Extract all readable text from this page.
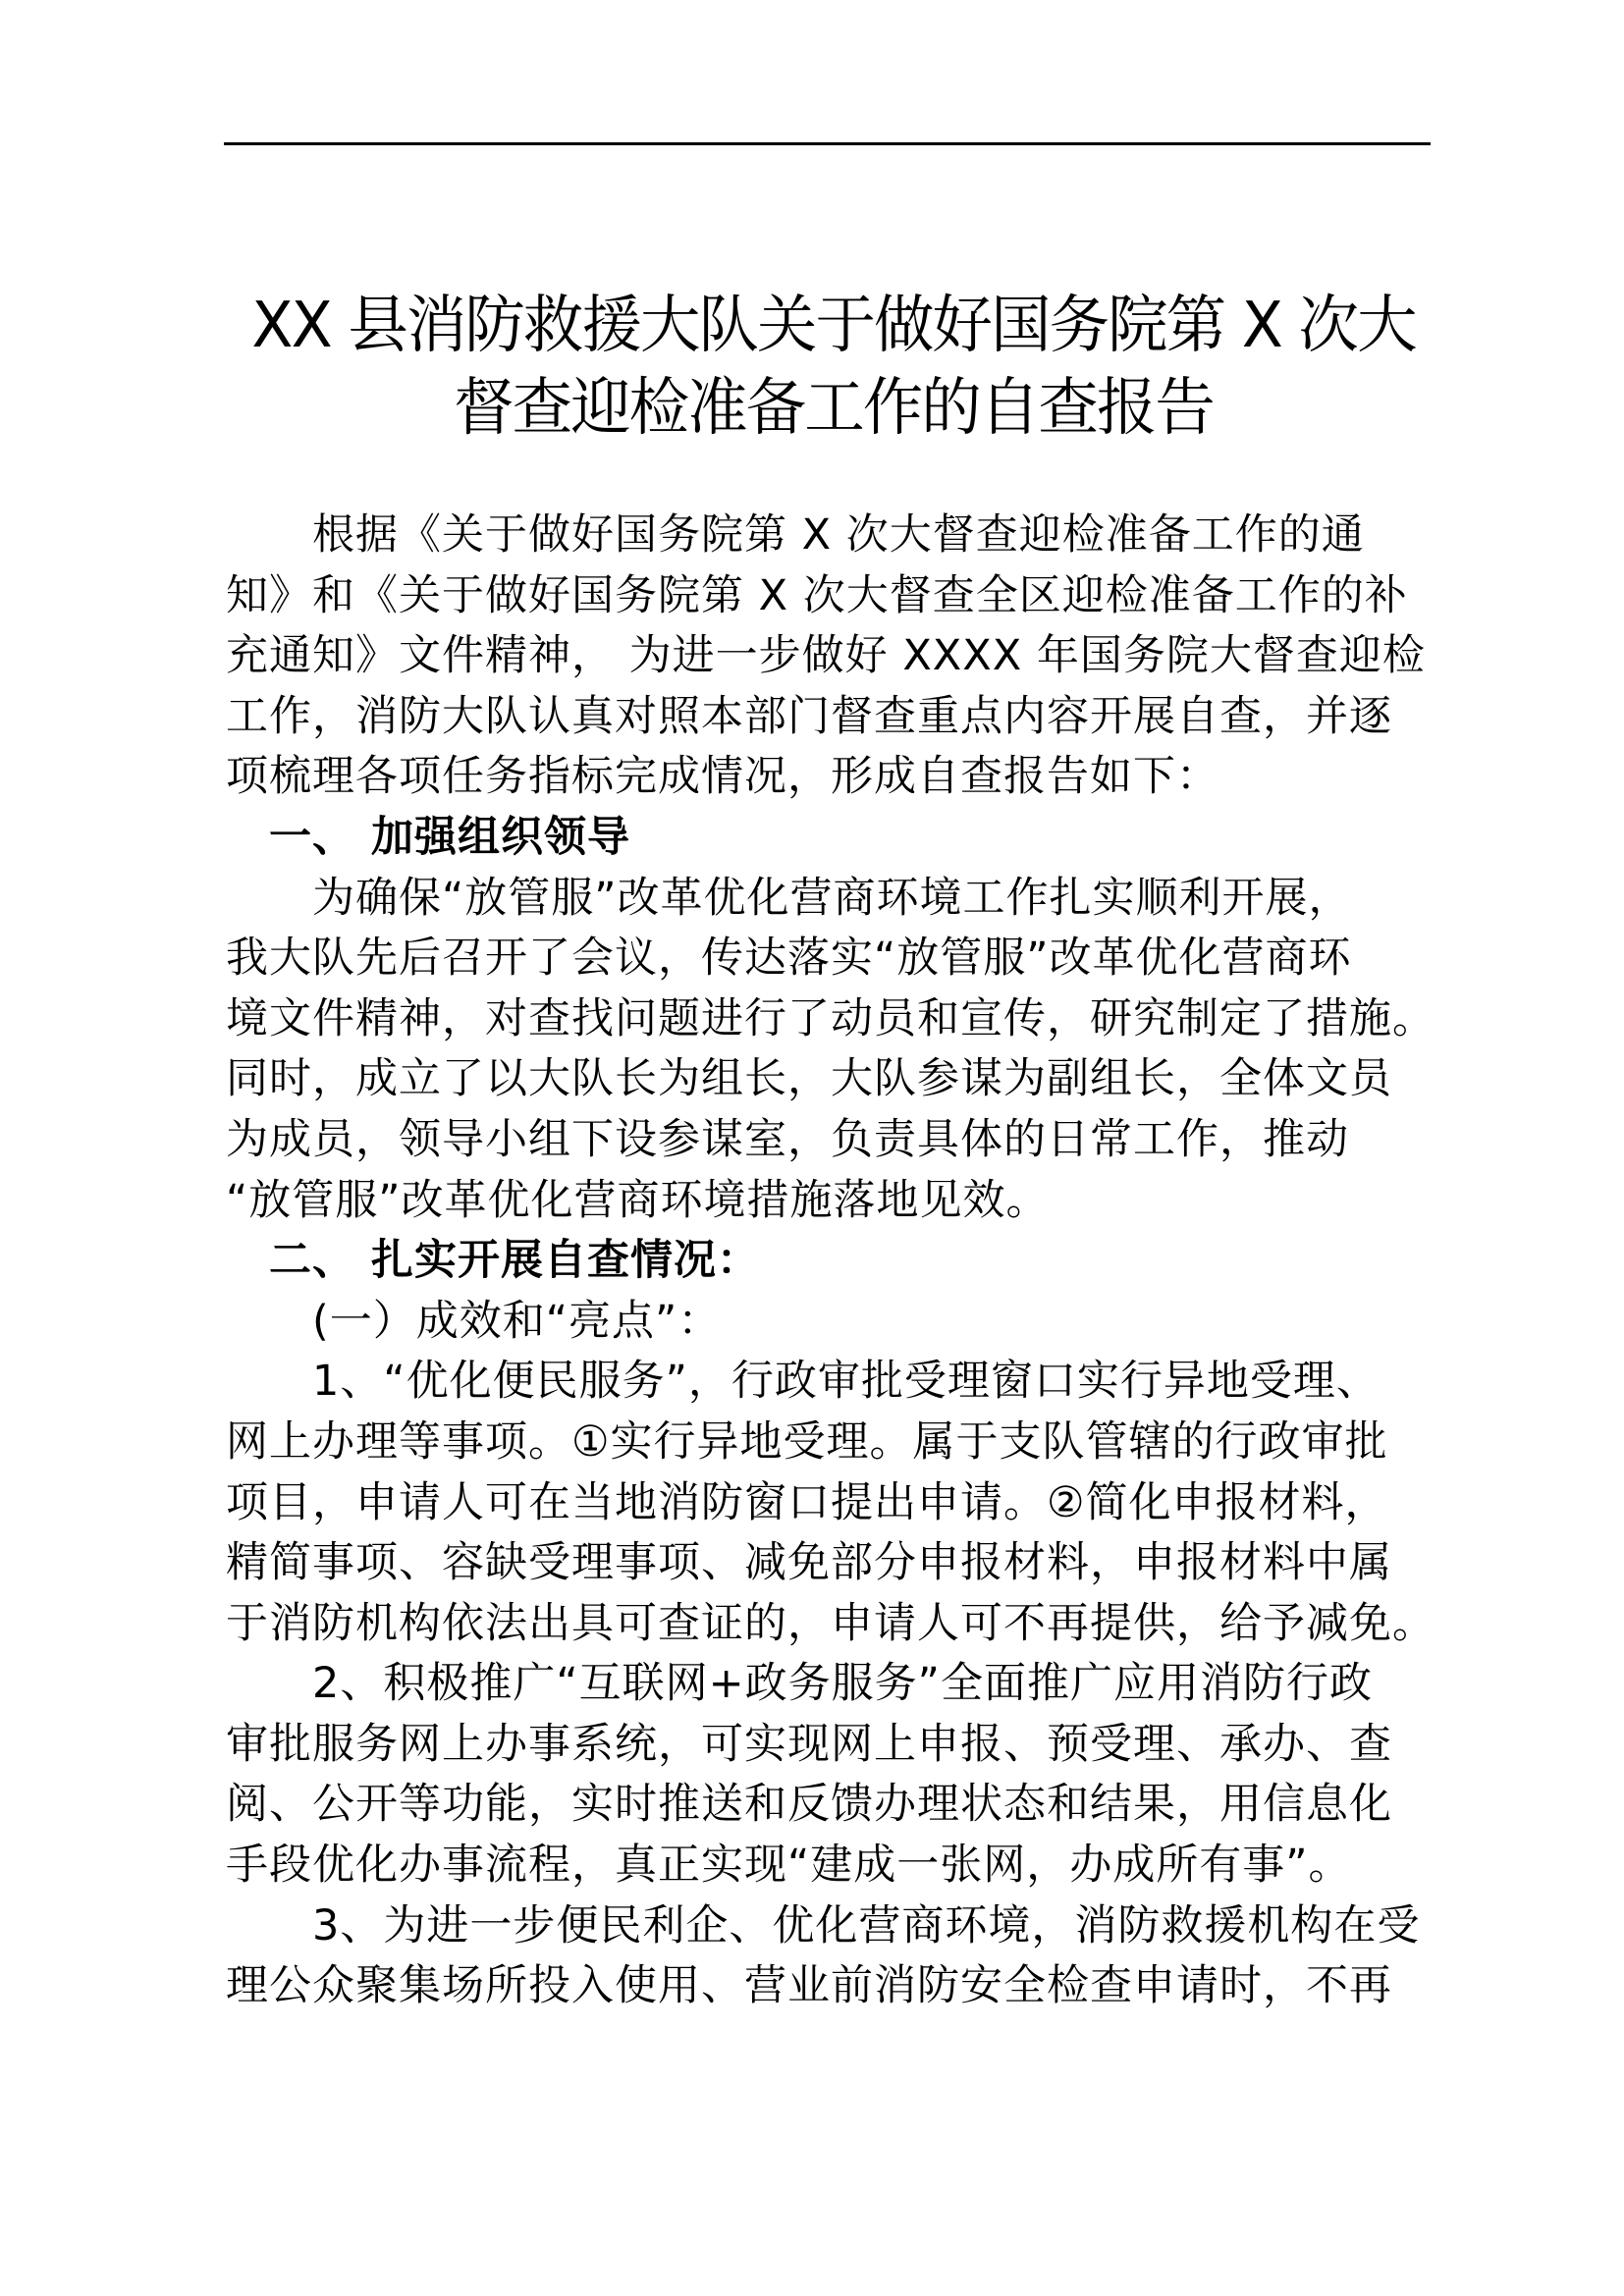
XX 县消防救援大队关于做好国务院第 X 次大
督查迎检准备工作的自查报告
　　根据《关于做好国务院第 X 次大督查迎检准备工作的通
知》和《关于做好国务院第 X 次大督查全区迎检准备工作的补
充通知》文件精神， 为进一步做好 XXXX 年国务院大督查迎检
工作，消防大队认真对照本部门督查重点内容开展自查，并逐
项梳理各项任务指标完成情况，形成自查报告如下：
　一、 加强组织领导
　　为确保“放管服”改革优化营商环境工作扎实顺利开展，
我大队先后召开了会议，传达落实“放管服”改革优化营商环
境文件精神，对查找问题进行了动员和宣传，研究制定了措施。
同时，成立了以大队长为组长，大队参谋为副组长，全体文员
为成员，领导小组下设参谋室，负责具体的日常工作，推动
“放管服”改革优化营商环境措施落地见效。
　二、 扎实开展自查情况：
　　(一）成效和“亮点”：
　　1、“优化便民服务”，行政审批受理窗口实行异地受理、
网上办理等事项。①实行异地受理。属于支队管辖的行政审批
项目，申请人可在当地消防窗口提出申请。②简化申报材料，
精简事项、容缺受理事项、减免部分申报材料，申报材料中属
于消防机构依法出具可查证的，申请人可不再提供，给予减免。
　　2、积极推广“互联网+政务服务”全面推广应用消防行政
审批服务网上办事系统，可实现网上申报、预受理、承办、查
阅、公开等功能，实时推送和反馈办理状态和结果，用信息化
手段优化办事流程，真正实现“建成一张网，办成所有事”。
　　3、为进一步便民利企、优化营商环境，消防救援机构在受
理公众聚集场所投入使用、营业前消防安全检查申请时，不再
